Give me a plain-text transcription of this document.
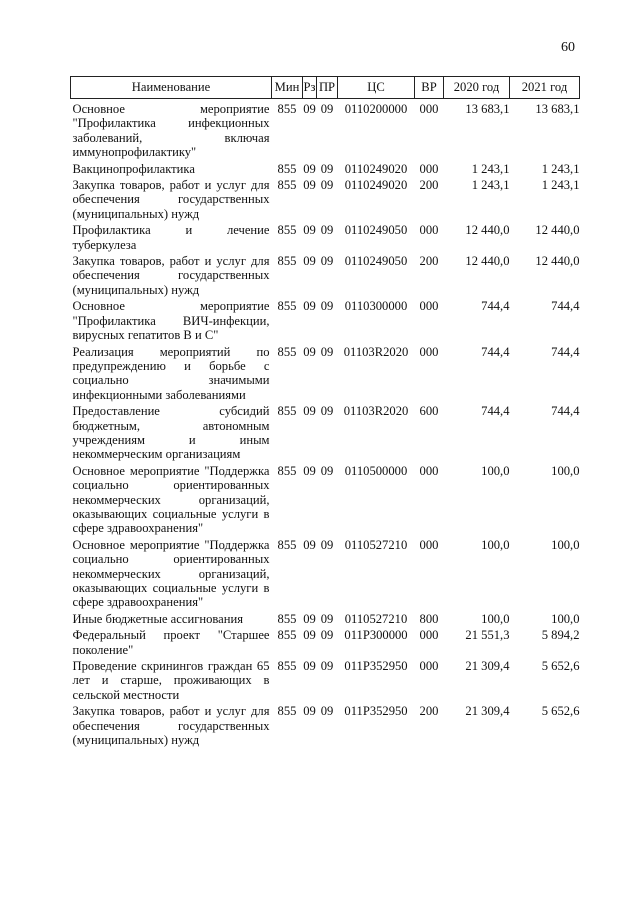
60
Наименование	Мин	Рз	ПР	ЦС	ВР	2020 год	2021 год
Основное мероприятие "Профилактика инфекционных заболеваний, включая иммунопрофилактику"	855	09	09	0110200000	000	13 683,1	13 683,1
Вакцинопрофилактика	855	09	09	0110249020	000	1 243,1	1 243,1
Закупка товаров, работ и услуг для обеспечения государственных (муниципальных) нужд	855	09	09	0110249020	200	1 243,1	1 243,1
Профилактика и лечение туберкулеза	855	09	09	0110249050	000	12 440,0	12 440,0
Закупка товаров, работ и услуг для обеспечения государственных (муниципальных) нужд	855	09	09	0110249050	200	12 440,0	12 440,0
Основное мероприятие "Профилактика ВИЧ-инфекции, вирусных гепатитов В и С"	855	09	09	0110300000	000	744,4	744,4
Реализация мероприятий по предупреждению и борьбе с социально значимыми инфекционными заболеваниями	855	09	09	01103R2020	000	744,4	744,4
Предоставление субсидий бюджетным, автономным учреждениям и иным некоммерческим организациям	855	09	09	01103R2020	600	744,4	744,4
Основное мероприятие "Поддержка социально ориентированных некоммерческих организаций, оказывающих социальные услуги в сфере здравоохранения"	855	09	09	0110500000	000	100,0	100,0
Основное мероприятие "Поддержка социально ориентированных некоммерческих организаций, оказывающих социальные услуги в сфере здравоохранения"	855	09	09	0110527210	000	100,0	100,0
Иные бюджетные ассигнования	855	09	09	0110527210	800	100,0	100,0
Федеральный проект "Старшее поколение"	855	09	09	011P300000	000	21 551,3	5 894,2
Проведение скринингов граждан 65 лет и старше, проживающих в сельской местности	855	09	09	011P352950	000	21 309,4	5 652,6
Закупка товаров, работ и услуг для обеспечения государственных (муниципальных) нужд	855	09	09	011P352950	200	21 309,4	5 652,6
